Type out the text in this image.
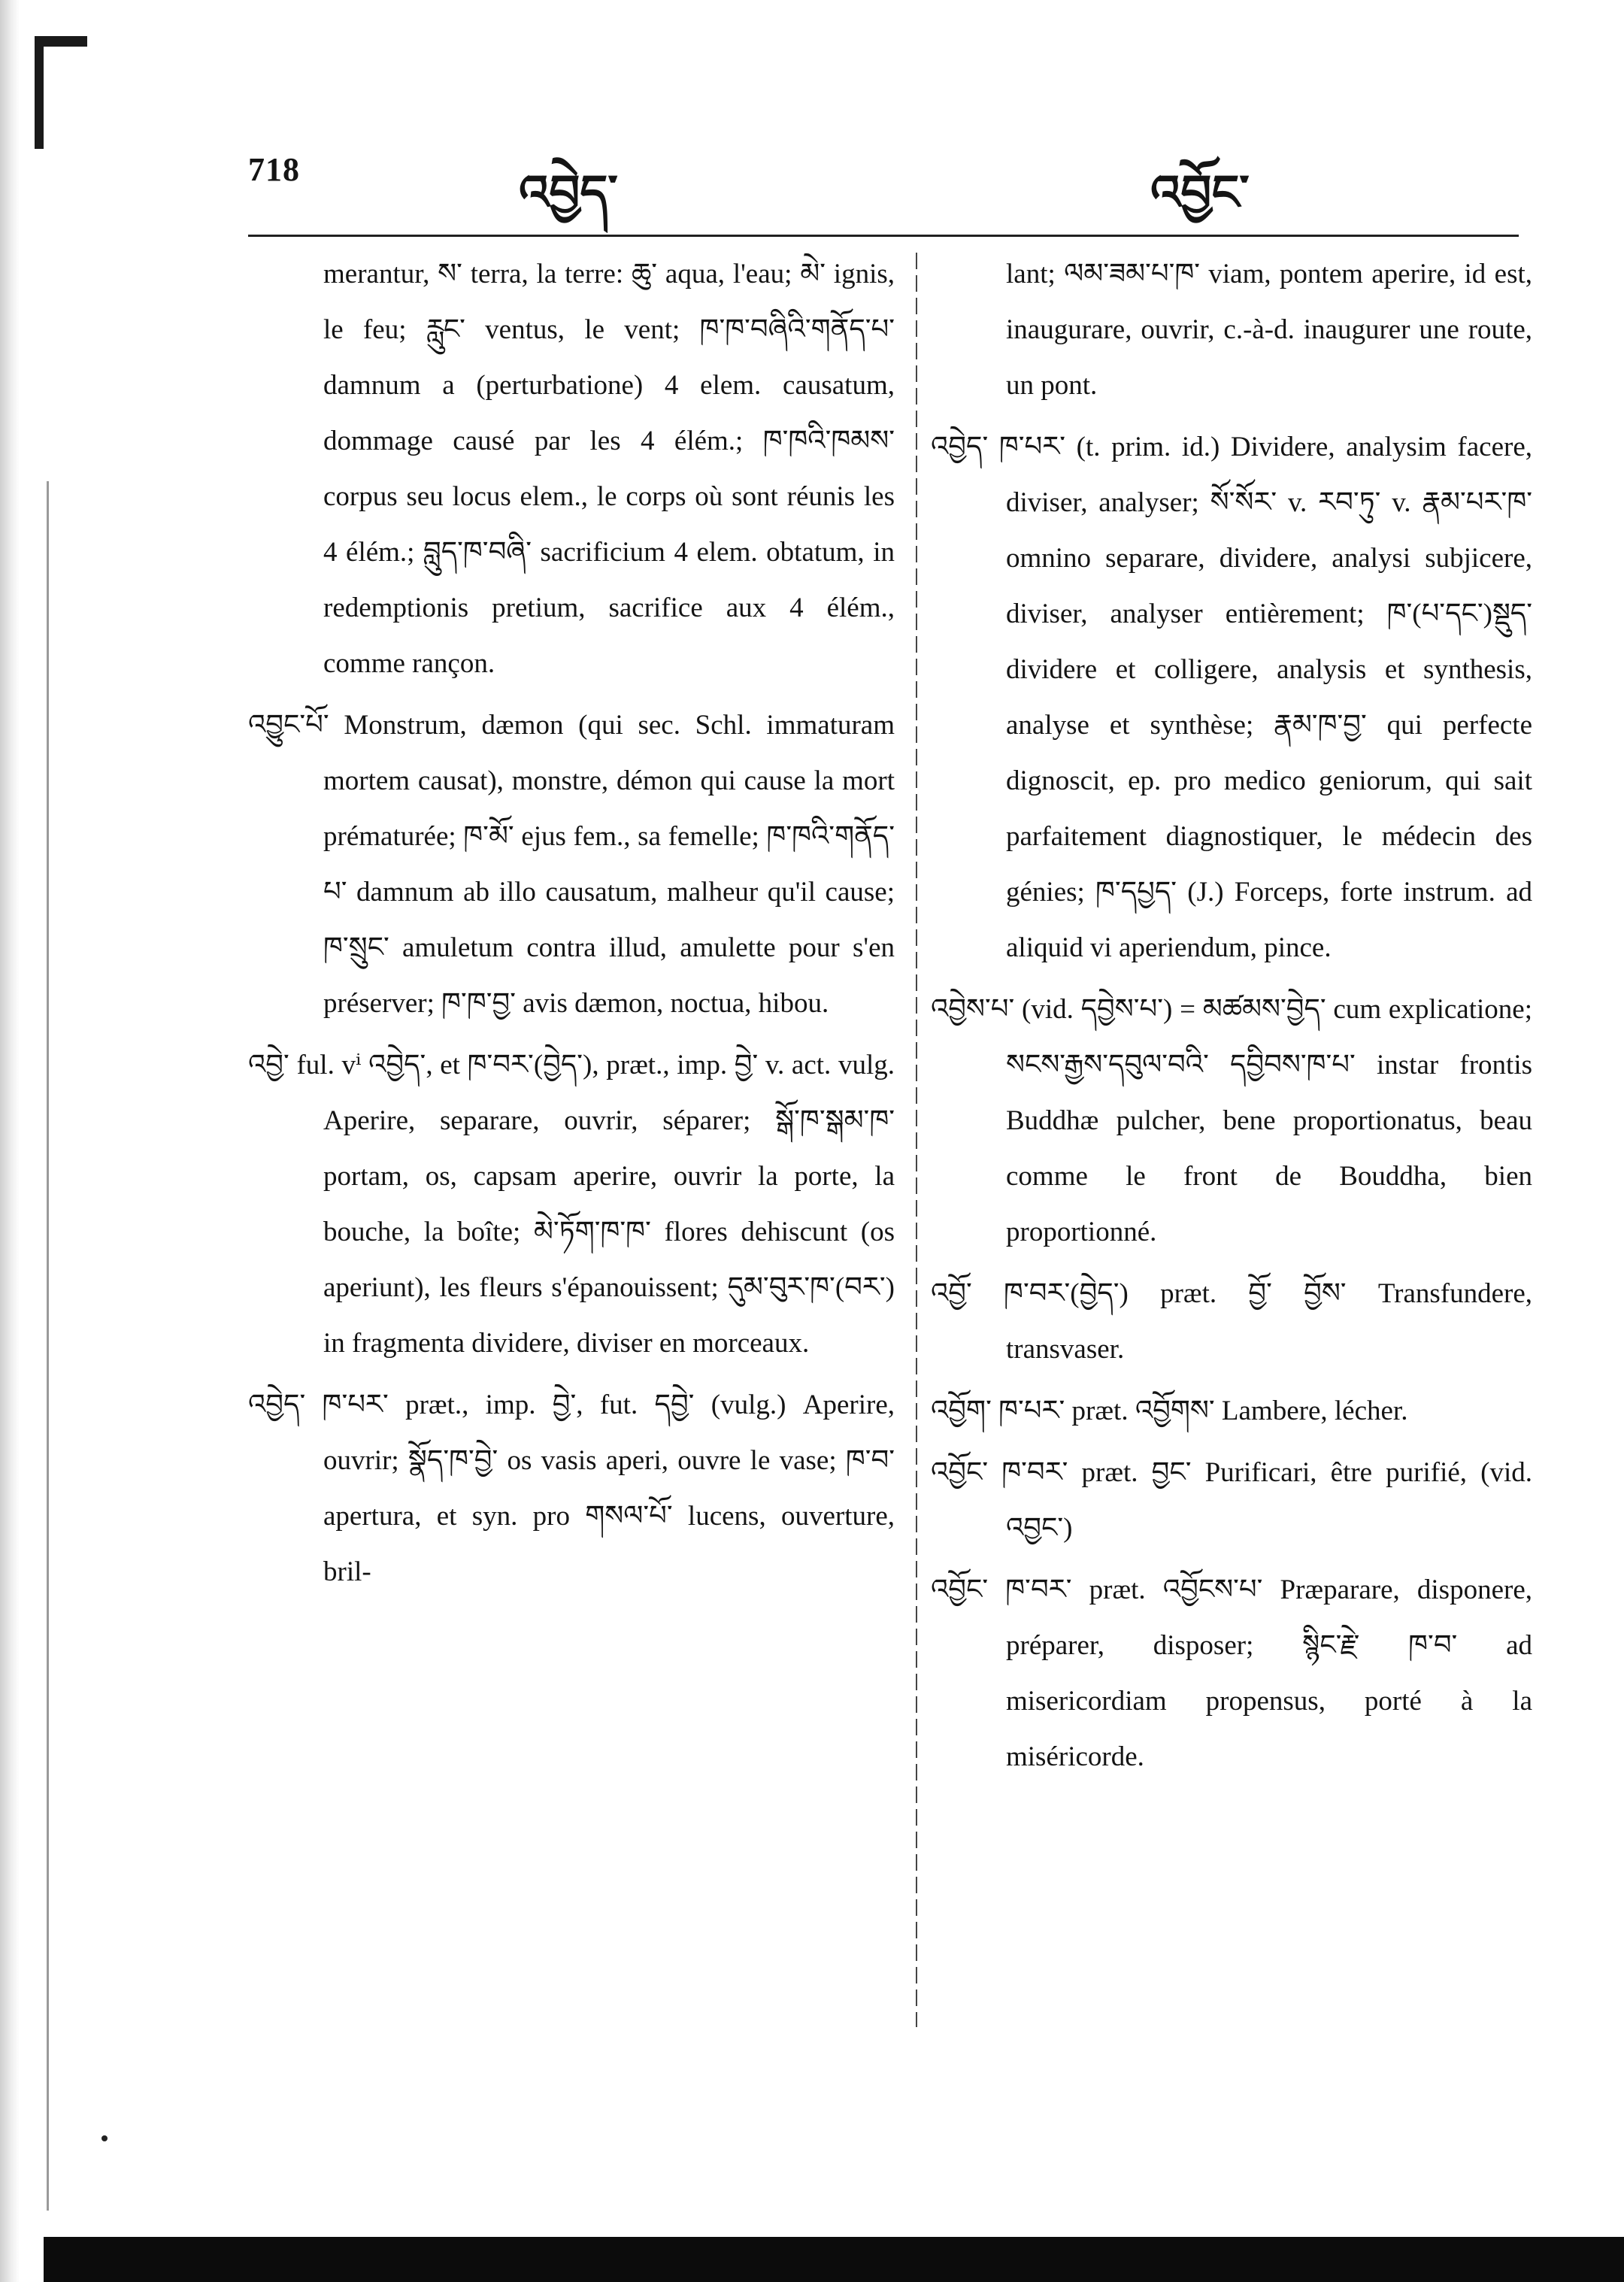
718	འབྱེད་	འབྱོང་

merantur, ས་ terra, la terre: ཆུ་ aqua, l'eau; མེ་ ignis, le feu; རླུང་ ventus, le vent; ཁ་ཁ་བཞིའི་གནོད་པ་ damnum a (perturbatione) 4 elem. causatum, dommage causé par les 4 élém.; ཁ་ཁའི་ཁམས་ corpus seu locus elem., le corps où sont réunis les 4 élém.; བླུད་ཁ་བཞི་ sacrificium 4 elem. obtatum, in redemptionis pretium, sacrifice aux 4 élém., comme rançon.

འབྱུང་པོ་ Monstrum, dæmon (qui sec. Schl. immaturam mortem causat), monstre, démon qui cause la mort prématurée; ཁ་མོ་ ejus fem., sa femelle; ཁ་ཁའི་གནོད་པ་ damnum ab illo causatum, malheur qu'il cause; ཁ་སྲུང་ amuletum contra illud, amulette pour s'en préserver; ཁ་ཁ་བྱ་ avis dæmon, noctua, hibou.

འབྱེ་ ful. vⁱ འབྱེད་, et ཁ་བར་(བྱེད་), præt., imp. བྱེ་ v. act. vulg. Aperire, separare, ouvrir, séparer; སྒོ་ཁ་སྒམ་ཁ་ portam, os, capsam aperire, ouvrir la porte, la bouche, la boîte; མེ་ཏོག་ཁ་ཁ་ flores dehiscunt (os aperiunt), les fleurs s'épanouissent; དུམ་བུར་ཁ་(བར་) in fragmenta dividere, diviser en morceaux.

འབྱེད་ ཁ་པར་ præt., imp. བྱེ་, fut. དབྱེ་ (vulg.) Aperire, ouvrir; སྣོད་ཁ་བྱེ་ os vasis aperi, ouvre le vase; ཁ་བ་ apertura, et syn. pro གསལ་པོ་ lucens, ouverture, bril-

lant; ལམ་ཟམ་པ་ཁ་ viam, pontem aperire, id est, inaugurare, ouvrir, c.-à-d. inaugurer une route, un pont.

འབྱེད་ ཁ་པར་ (t. prim. id.) Dividere, analysim facere, diviser, analyser; སོ་སོར་ v. རབ་ཏུ་ v. རྣམ་པར་ཁ་ omnino separare, dividere, analysi subjicere, diviser, analyser entièrement; ཁ་(པ་དང་)སྡུད་ dividere et colligere, analysis et synthesis, analyse et synthèse; རྣམ་ཁ་བྱ་ qui perfecte dignoscit, ep. pro medico geniorum, qui sait parfaitement diagnostiquer, le médecin des génies; ཁ་དཔྱད་ (J.) Forceps, forte instrum. ad aliquid vi aperiendum, pince.

འབྱེས་པ་ (vid. དབྱེས་པ་) = མཚམས་བྱེད་ cum explicatione; སངས་རྒྱས་དབུལ་བའི་ དབྱིབས་ཁ་པ་ instar frontis Buddhæ pulcher, bene proportionatus, beau comme le front de Bouddha, bien proportionné.

འབྱོ་ ཁ་བར་(བྱེད་) præt. བྱོ་ བྱོས་ Transfundere, transvaser.

འབྱོག་ ཁ་པར་ præt. འབྱོགས་ Lambere, lécher.

འབྱོང་ ཁ་བར་ præt. བྱང་ Purificari, être purifié, (vid. འབྱང་)

འབྱོང་ ཁ་བར་ præt. འབྱོངས་པ་ Præparare, disponere, préparer, disposer; སྙིང་རྗེ་ ཁ་བ་ ad misericordiam propensus, porté à la miséricorde.
